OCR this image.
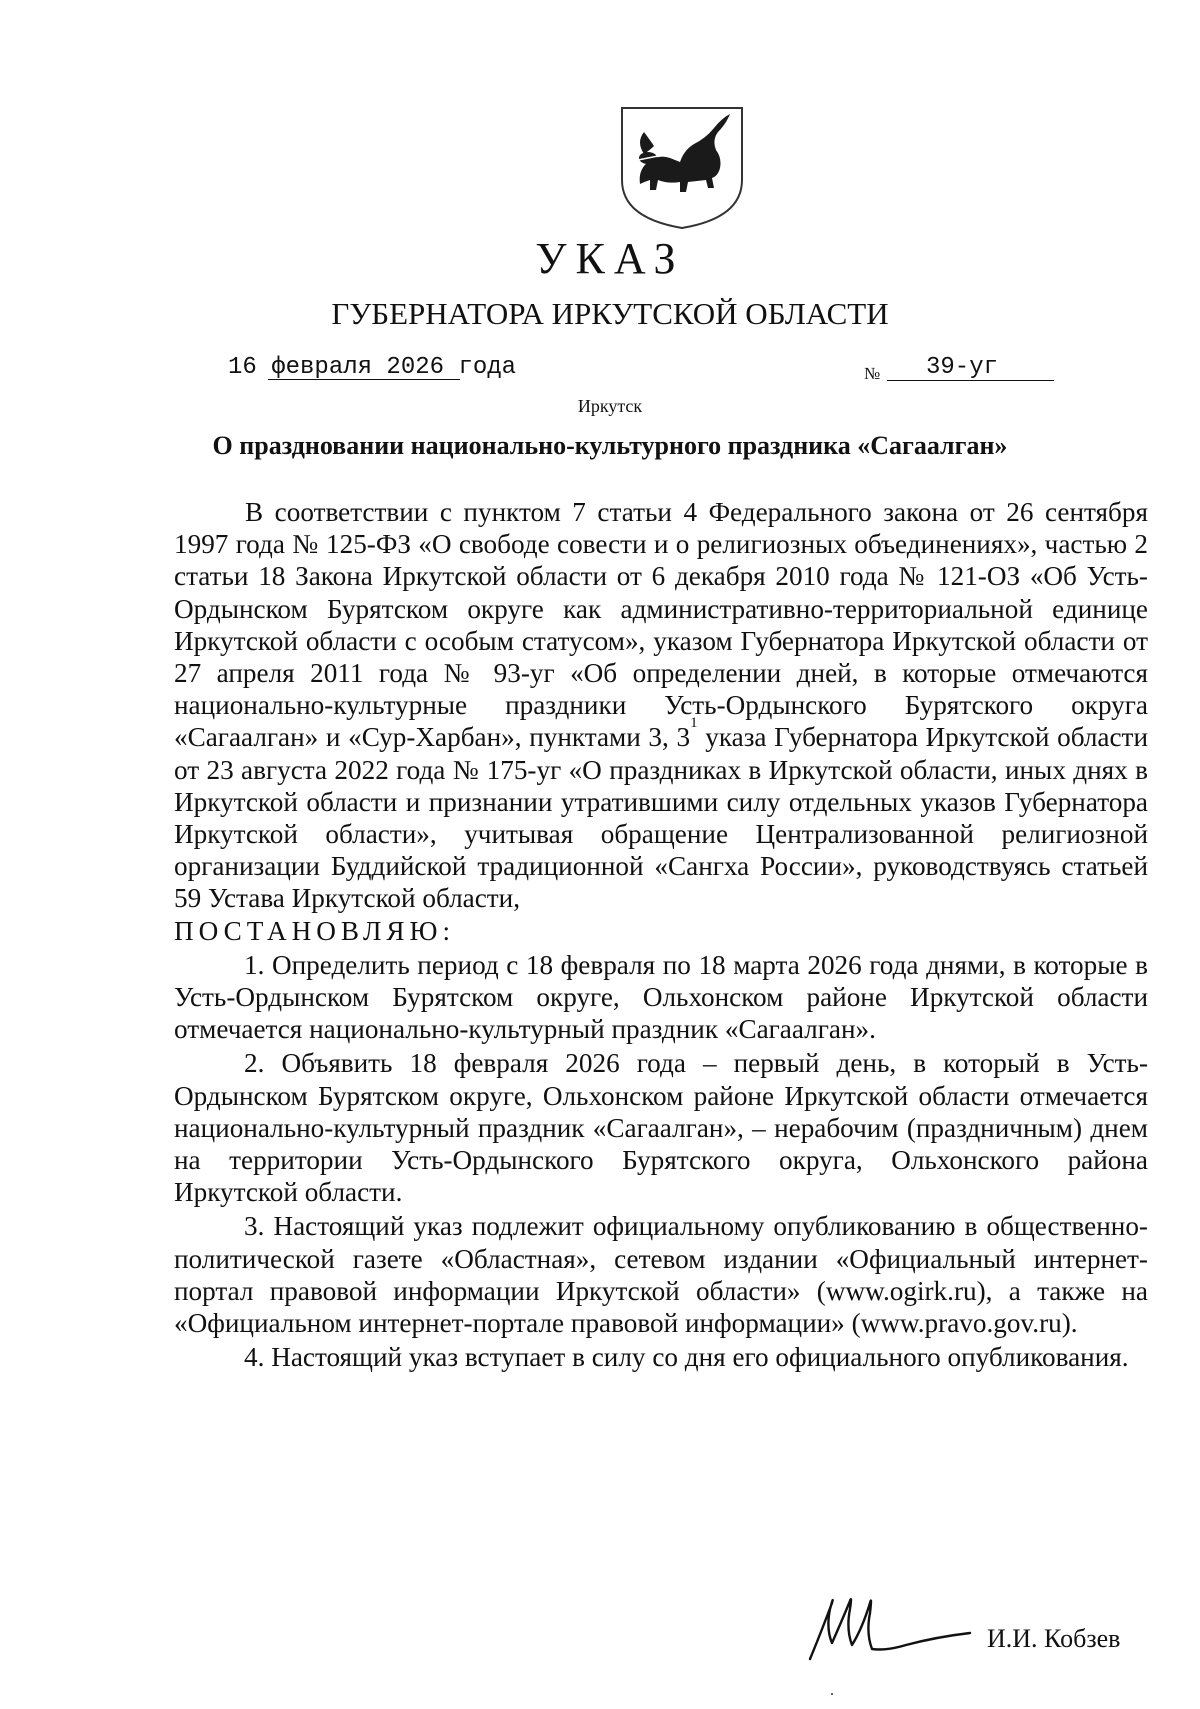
УКАЗ
ГУБЕРНАТОРА ИРКУТСКОЙ ОБЛАСТИ
16 февраля 2026 года	№ 39-уг
Иркутск
О праздновании национально-культурного праздника «Сагаалган»

В соответствии с пунктом 7 статьи 4 Федерального закона от 26 сентября 1997 года № 125-ФЗ «О свободе совести и о религиозных объединениях», частью 2 статьи 18 Закона Иркутской области от 6 декабря 2010 года № 121-ОЗ «Об Усть-Ордынском Бурятском округе как административно-территориальной единице Иркутской области с особым статусом», указом Губернатора Иркутской области от 27 апреля 2011 года № 93-уг «Об определении дней, в которые отмечаются национально-культурные праздники Усть-Ордынского Бурятского округа «Сагаалган» и «Сур-Харбан», пунктами 3, $3^1$ указа Губернатора Иркутской области от 23 августа 2022 года № 175-уг «О праздниках в Иркутской области, иных днях в Иркутской области и признании утратившими силу отдельных указов Губернатора Иркутской области», учитывая обращение Централизованной религиозной организации Буддийской традиционной «Сангха России», руководствуясь статьей 59 Устава Иркутской области,

ПОСТАНОВЛЯЮ:

1. Определить период с 18 февраля по 18 марта 2026 года днями, в которые в Усть-Ордынском Бурятском округе, Ольхонском районе Иркутской области отмечается национально-культурный праздник «Сагаалган».

2. Объявить 18 февраля 2026 года – первый день, в который в Усть-Ордынском Бурятском округе, Ольхонском районе Иркутской области отмечается национально-культурный праздник «Сагаалган», – нерабочим (праздничным) днем на территории Усть-Ордынского Бурятского округа, Ольхонского района Иркутской области.

3. Настоящий указ подлежит официальному опубликованию в общественно-политической газете «Областная», сетевом издании «Официальный интернет-портал правовой информации Иркутской области» (www.ogirk.ru), а также на «Официальном интернет-портале правовой информации» (www.pravo.gov.ru).

4. Настоящий указ вступает в силу со дня его официального опубликования.

И.И. Кобзев
